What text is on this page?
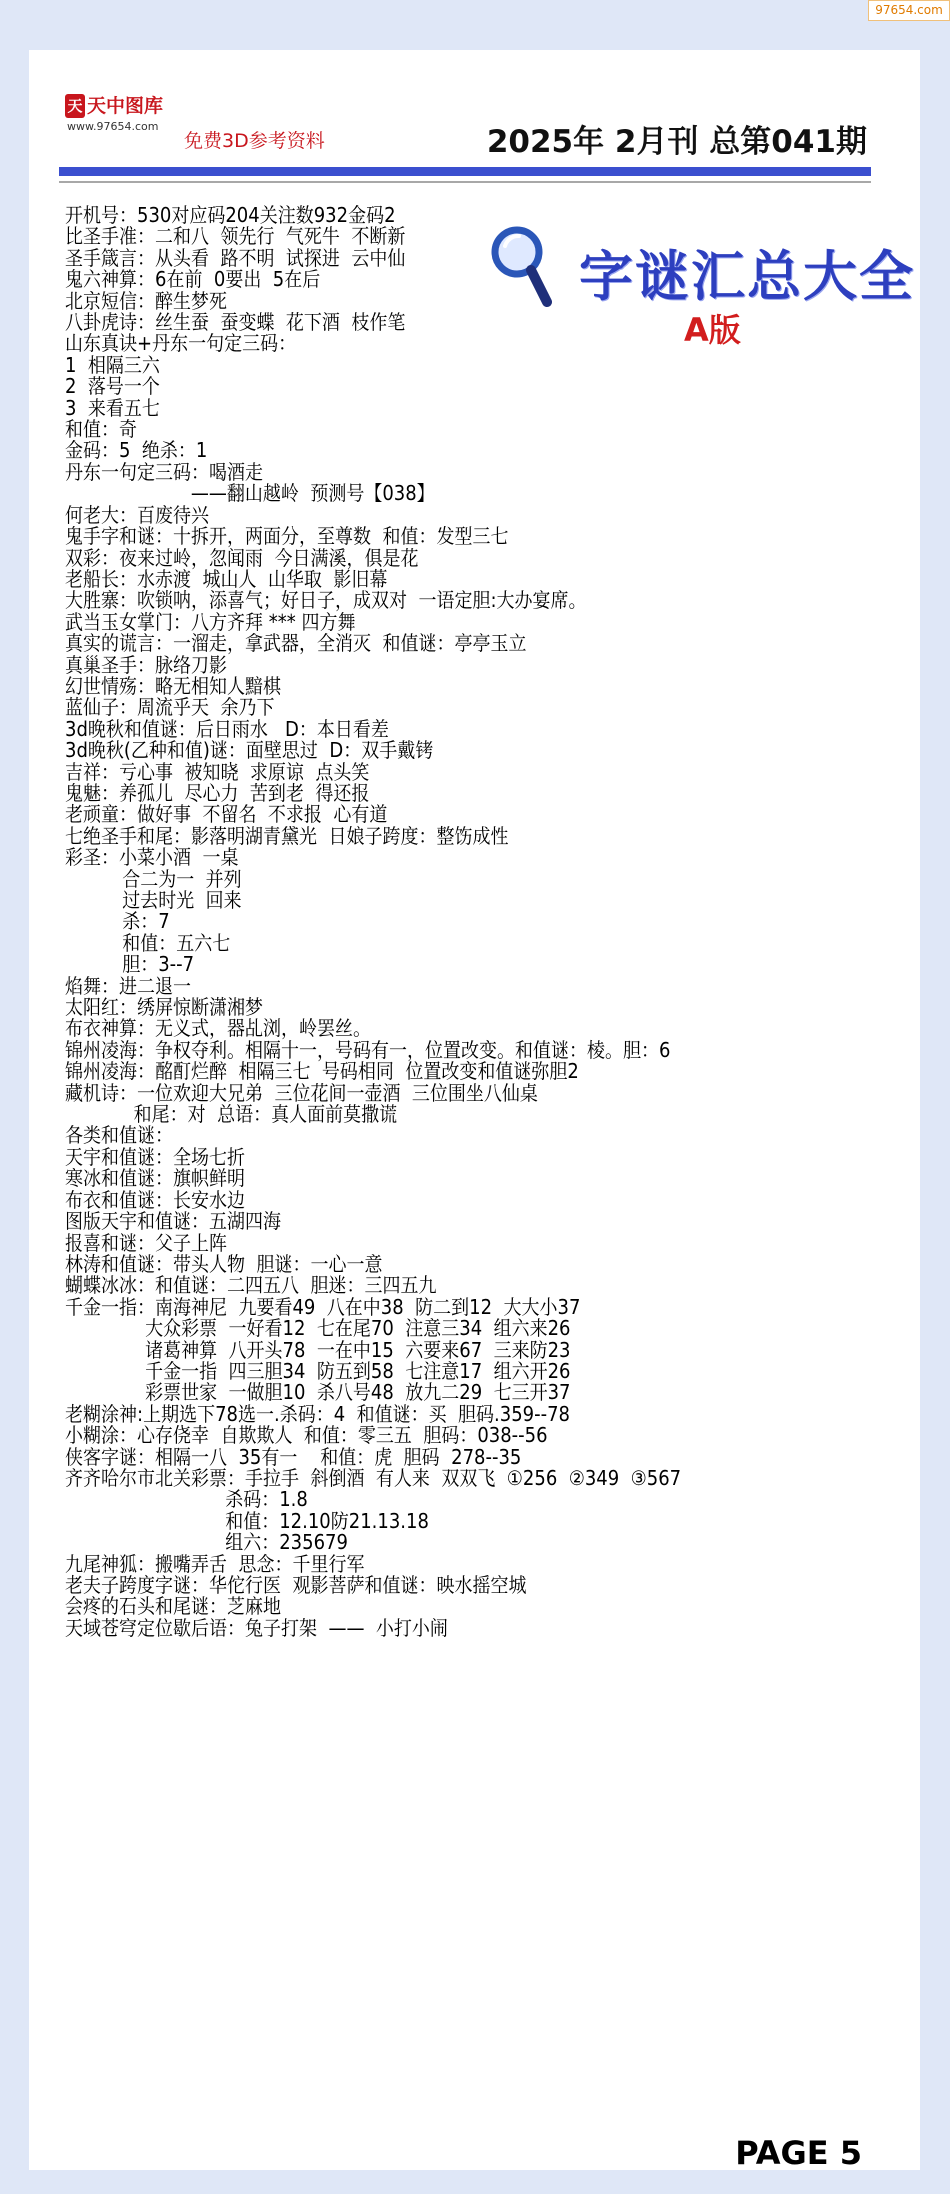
97654.com
天 天中图库
www.97654.com
免费3D参考资料	2025年 2月刊 总第041期
字谜汇总大全
A版
开机号：530对应码204关注数932金码2
比圣手准：二和八  领先行  气死牛  不断新
圣手箴言：从头看  路不明  试探进  云中仙
鬼六神算：6在前  0要出  5在后
北京短信：醉生梦死
八卦虎诗：丝生蚕  蚕变蝶  花下酒  枝作笔
山东真诀+丹东一句定三码：
1  相隔三六
2  落号一个
3  来看五七
和值：奇
金码：5  绝杀：1
丹东一句定三码：喝酒走
——翻山越岭  预测号【038】
何老大：百废待兴
鬼手字和谜：十拆开，两面分，至尊数  和值：发型三七
双彩：夜来过岭，忽闻雨  今日满溪，俱是花
老船长：水赤渡  城山人  山华取  影旧幕
大胜寨：吹锁呐，添喜气；好日子，成双对  一语定胆:大办宴席。
武当玉女掌门：八方齐拜 *** 四方舞
真实的谎言：一溜走，拿武器，全消灭  和值谜：亭亭玉立
真巢圣手：脉络刀影
幻世情殇：略无相知人黯棋
蓝仙子：周流乎天  余乃下
3d晚秋和值谜：后日雨水   D：本日看差
3d晚秋(乙种和值)谜：面壁思过  D：双手戴铐
吉祥：亏心事  被知晓  求原谅  点头笑
鬼魅：养孤儿  尽心力  苦到老  得还报
老顽童：做好事  不留名  不求报  心有道
七绝圣手和尾：影落明湖青黛光  日娘子跨度：整饬成性
彩圣：小菜小酒  一桌
合二为一  并列
过去时光  回来
杀：7
和值：五六七
胆：3--7
焰舞：进二退一
太阳红：绣屏惊断潇湘梦
布衣神算：无义式，器乩浏，岭罢丝。
锦州凌海：争权夺利。相隔十一，号码有一，位置改变。和值谜：棱。胆：6
锦州凌海：酩酊烂醉  相隔三七  号码相同  位置改变和值谜弥胆2
藏机诗：一位欢迎大兄弟  三位花间一壶酒  三位围坐八仙桌
和尾：对  总语：真人面前莫撒谎
各类和值谜：
天宇和值谜：全场七折
寒冰和值谜：旗帜鲜明
布衣和值谜：长安水边
图版天宇和值谜：五湖四海
报喜和谜：父子上阵
林涛和值谜：带头人物  胆谜：一心一意
蝴蝶冰冰：和值谜：二四五八  胆迷：三四五九
千金一指：南海神尼  九要看49  八在中38  防二到12  大大小37
大众彩票  一好看12  七在尾70  注意三34  组六来26
诸葛神算  八开头78  一在中15  六要来67  三来防23
千金一指  四三胆34  防五到58  七注意17  组六开26
彩票世家  一做胆10  杀八号48  放九二29  七三开37
老糊涂神:上期选下78选一.杀码：4  和值谜：买  胆码.359--78
小糊涂：心存侥幸  自欺欺人  和值：零三五  胆码：038--56
侠客字谜：相隔一八  35有一    和值：虎  胆码  278--35
齐齐哈尔市北关彩票：手拉手  斜倒酒  有人来  双双飞  ①256  ②349  ③567
杀码：1.8
和值：12.10防21.13.18
组六：235679
九尾神狐：搬嘴弄舌  思念：千里行军
老夫子跨度字谜：华佗行医  观影菩萨和值谜：映水摇空城
会疼的石头和尾谜：芝麻地
天域苍穹定位歇后语：兔子打架  ——  小打小闹
PAGE 5
